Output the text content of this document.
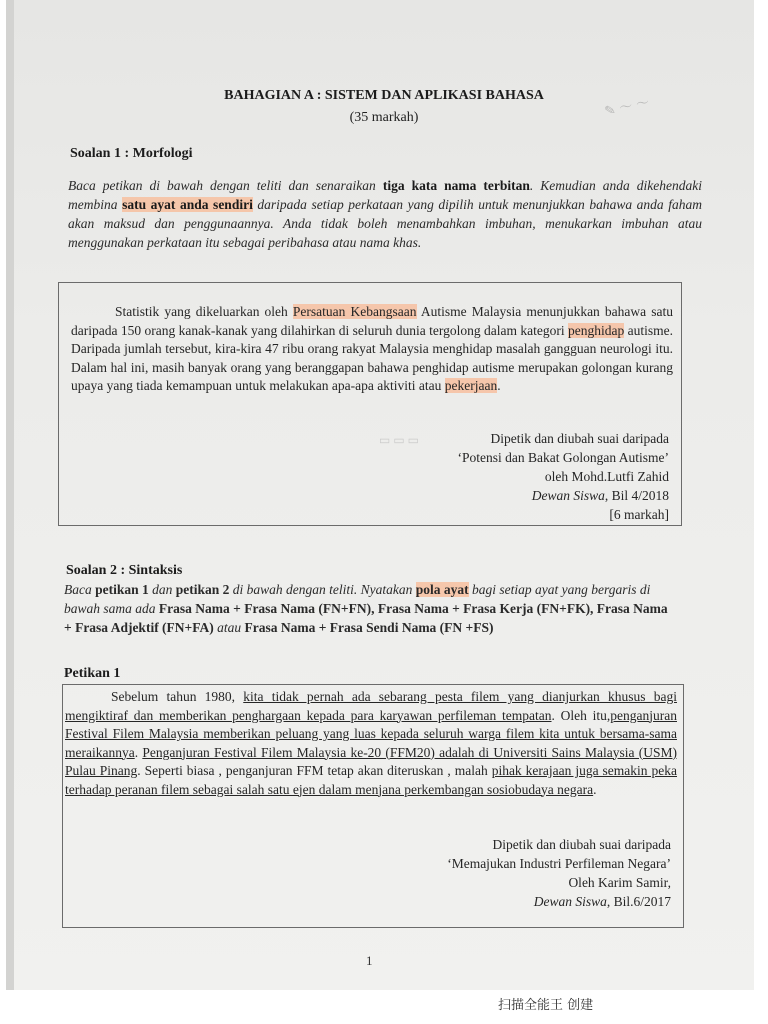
✎ ～ ～
BAHAGIAN A : SISTEM DAN APLIKASI BAHASA
(35 markah)
Soalan 1 : Morfologi
Baca petikan di bawah dengan teliti dan senaraikan tiga kata nama terbitan. Kemudian anda dikehendaki membina satu ayat anda sendiri daripada setiap perkataan yang dipilih untuk menunjukkan bahawa anda faham akan maksud dan penggunaannya. Anda tidak boleh menambahkan imbuhan, menukarkan imbuhan atau menggunakan perkataan itu sebagai peribahasa atau nama khas.
Statistik yang dikeluarkan oleh Persatuan Kebangsaan Autisme Malaysia menunjukkan bahawa satu daripada 150 orang kanak-kanak yang dilahirkan di seluruh dunia tergolong dalam kategori penghidap autisme. Daripada jumlah tersebut, kira-kira 47 ribu orang rakyat Malaysia menghidap masalah gangguan neurologi itu. Dalam hal ini, masih banyak orang yang beranggapan bahawa penghidap autisme merupakan golongan kurang upaya yang tiada kemampuan untuk melakukan apa-apa aktiviti atau pekerjaan.
▭ ▭ ▭	Dipetik dan diubah suai daripada
‘Potensi dan Bakat Golongan Autisme’
oleh Mohd.Lutfi Zahid
Dewan Siswa, Bil 4/2018
[6 markah]
Soalan 2 : Sintaksis
Baca petikan 1 dan petikan 2 di bawah dengan teliti. Nyatakan pola ayat bagi setiap ayat yang bergaris di bawah sama ada Frasa Nama + Frasa Nama (FN+FN), Frasa Nama + Frasa Kerja (FN+FK), Frasa Nama + Frasa Adjektif (FN+FA) atau Frasa Nama + Frasa Sendi Nama (FN +FS)
Petikan 1
Sebelum tahun 1980, kita tidak pernah ada sebarang pesta filem yang dianjurkan khusus bagi mengiktiraf dan memberikan penghargaan kepada para karyawan perfileman tempatan. Oleh itu,penganjuran Festival Filem Malaysia memberikan peluang yang luas kepada seluruh warga filem kita untuk bersama-sama meraikannya. Penganjuran Festival Filem Malaysia ke-20 (FFM20) adalah di Universiti Sains Malaysia (USM) Pulau Pinang. Seperti biasa , penganjuran FFM tetap akan diteruskan , malah pihak kerajaan juga semakin peka terhadap peranan filem sebagai salah satu ejen dalam menjana perkembangan sosiobudaya negara.
Dipetik dan diubah suai daripada
‘Memajukan Industri Perfileman Negara’
Oleh Karim Samir,
Dewan Siswa, Bil.6/2017
1
扫描全能王 创建
